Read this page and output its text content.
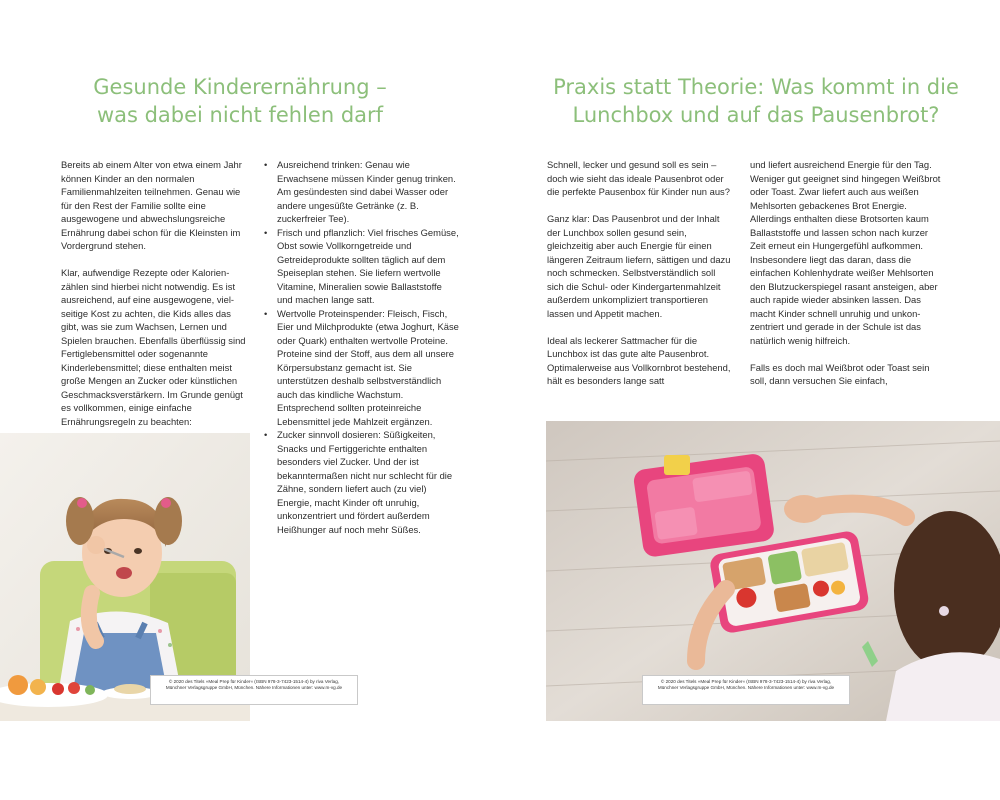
Gesunde Kinderernährung –
was dabei nicht fehlen darf

Bereits ab einem Alter von etwa einem Jahr können Kinder an den normalen Familienmahlzeiten teilnehmen. Genau wie für den Rest der Familie sollte eine ausgewogene und abwechslungsreiche Ernährung dabei schon für die Kleinsten im Vordergrund stehen.

Klar, aufwendige Rezepte oder Kalorienzählen sind hierbei nicht notwendig. Es ist ausreichend, auf eine ausgewogene, vielseitige Kost zu achten, die Kids alles das gibt, was sie zum Wachsen, Lernen und Spielen brauchen. Ebenfalls überflüssig sind Fertiglebensmittel oder sogenannte Kinderlebensmittel; diese enthalten meist große Mengen an Zucker oder künstlichen Geschmacksverstärkern. Im Grunde genügt es vollkommen, einige einfache Ernährungsregeln zu beachten:

• Ausreichend trinken: Genau wie Erwachsene müssen Kinder genug trinken. Am gesündesten sind dabei Wasser oder andere ungesüßte Getränke (z. B. zuckerfreier Tee).
• Frisch und pflanzlich: Viel frisches Gemüse, Obst sowie Vollkorngetreide und Getreideprodukte sollten täglich auf dem Speiseplan stehen. Sie liefern wertvolle Vitamine, Mineralien sowie Ballaststoffe und machen lange satt.
• Wertvolle Proteinspender: Fleisch, Fisch, Eier und Milchprodukte (etwa Joghurt, Käse oder Quark) enthalten wertvolle Proteine. Proteine sind der Stoff, aus dem all unsere Körpersubstanz gemacht ist. Sie unterstützen deshalb selbstverständlich auch das kindliche Wachstum. Entsprechend sollten proteinreiche Lebensmittel jede Mahlzeit ergänzen.
• Zucker sinnvoll dosieren: Süßigkeiten, Snacks und Fertiggerichte enthalten besonders viel Zucker. Und der ist bekanntermaßen nicht nur schlecht für die Zähne, sondern liefert auch (zu viel) Energie, macht Kinder oft unruhig, unkonzentriert und fördert außerdem Heißhunger auf noch mehr Süßes.
© 2020 des Titels »Meal Prep für Kinder« (ISBN 978-3-7423-1514-4) by riva Verlag,
Münchner Verlagsgruppe GmbH, München. Nähere Informationen unter: www.m-vg.de
Praxis statt Theorie: Was kommt in die
Lunchbox und auf das Pausenbrot?

Schnell, lecker und gesund soll es sein – doch wie sieht das ideale Pausenbrot oder die perfekte Pausenbox für Kinder nun aus?

Ganz klar: Das Pausenbrot und der Inhalt der Lunchbox sollen gesund sein, gleichzeitig aber auch Energie für einen längeren Zeitraum liefern, sättigen und dazu noch schmecken. Selbstverständlich soll sich die Schul- oder Kindergartenmahlzeit außerdem unkompliziert transportieren lassen und Appetit machen.

Ideal als leckerer Sattmacher für die Lunchbox ist das gute alte Pausenbrot. Optimalerweise aus Vollkornbrot bestehend, hält es besonders lange satt

und liefert ausreichend Energie für den Tag. Weniger gut geeignet sind hingegen Weißbrot oder Toast. Zwar liefert auch aus weißen Mehlsorten gebackenes Brot Energie. Allerdings enthalten diese Brotsorten kaum Ballaststoffe und lassen schon nach kurzer Zeit erneut ein Hungergefühl aufkommen. Insbesondere liegt das daran, dass die einfachen Kohlenhydrate weißer Mehlsorten den Blutzuckerspiegel rasant ansteigen, aber auch rapide wieder absinken lassen. Das macht Kinder schnell unruhig und unkonzentriert und gerade in der Schule ist das natürlich wenig hilfreich.

Falls es doch mal Weißbrot oder Toast sein soll, dann versuchen Sie einfach,

© 2020 des Titels »Meal Prep für Kinder« (ISBN 978-3-7423-1514-4) by riva Verlag,
Münchner Verlagsgruppe GmbH, München. Nähere Informationen unter: www.m-vg.de
